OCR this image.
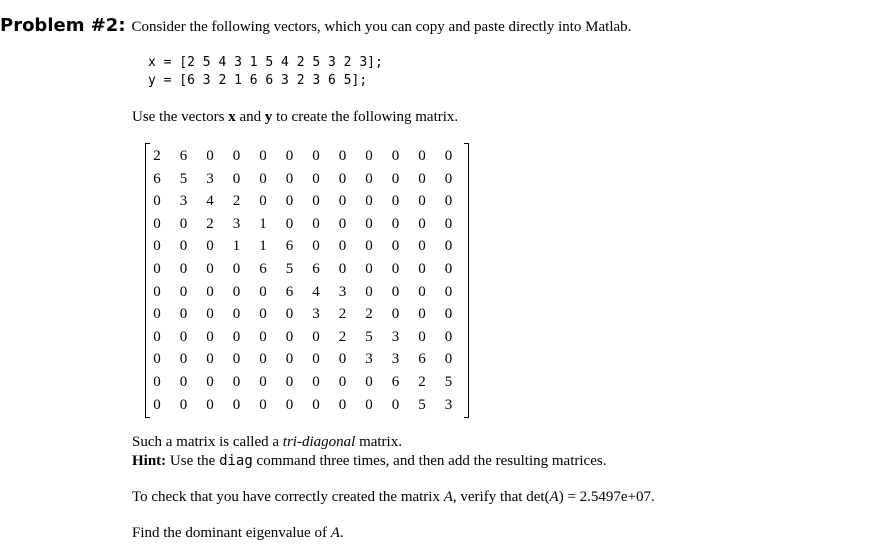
Problem #2: Consider the following vectors, which you can copy and paste directly into Matlab.
x = [2 5 4 3 1 5 4 2 5 3 2 3];
y = [6 3 2 1 6 6 3 2 3 6 5];
Use the vectors x and y to create the following matrix.
2	6	0	0	0	0	0	0	0	0	0	0
6	5	3	0	0	0	0	0	0	0	0	0
0	3	4	2	0	0	0	0	0	0	0	0
0	0	2	3	1	0	0	0	0	0	0	0
0	0	0	1	1	6	0	0	0	0	0	0
0	0	0	0	6	5	6	0	0	0	0	0
0	0	0	0	0	6	4	3	0	0	0	0
0	0	0	0	0	0	3	2	2	0	0	0
0	0	0	0	0	0	0	2	5	3	0	0
0	0	0	0	0	0	0	0	3	3	6	0
0	0	0	0	0	0	0	0	0	6	2	5
0	0	0	0	0	0	0	0	0	0	5	3
Such a matrix is called a tri-diagonal matrix.
Hint: Use the diag command three times, and then add the resulting matrices.
To check that you have correctly created the matrix A, verify that det(A) = 2.5497e+07.
Find the dominant eigenvalue of A.
